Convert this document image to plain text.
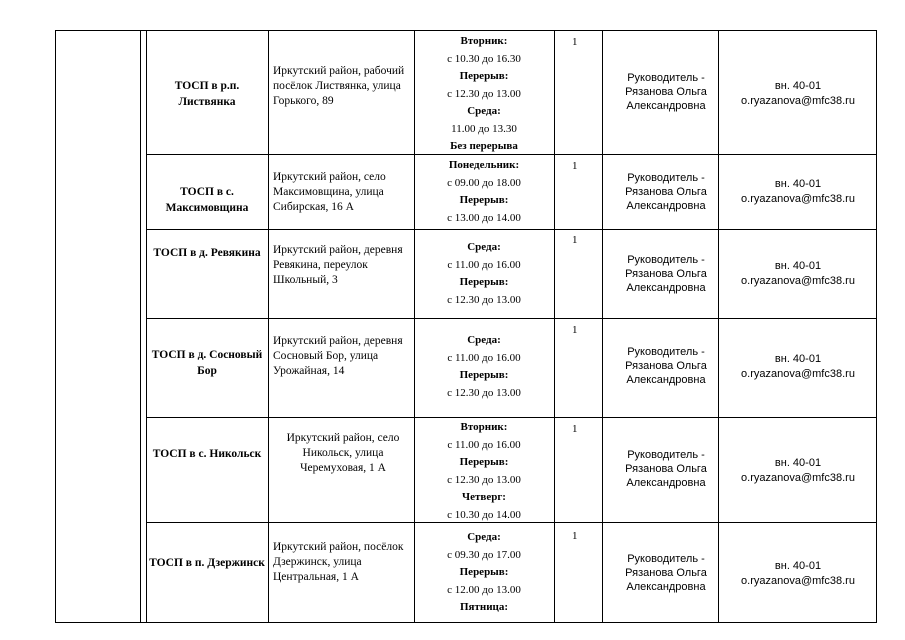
ТОСП в р.п. Листвянка
Иркутский район, рабочий посёлок Листвянка, улица Горького, 89
Вторник:
с 10.30 до 16.30
Перерыв:
с 12.30 до 13.00
Среда:
11.00 до 13.30
Без перерыва
1
Руководитель - Рязанова Ольга Александровна
вн. 40-01
o.ryazanova@mfc38.ru
ТОСП в с. Максимовщина
Иркутский район, село Максимовщина, улица Сибирская, 16 А
Понедельник:
с 09.00 до 18.00
Перерыв:
с 13.00 до 14.00
1
Руководитель - Рязанова Ольга Александровна
вн. 40-01
o.ryazanova@mfc38.ru
ТОСП в д. Ревякина	Иркутский район, деревня Ревякина, переулок Школьный, 3
Среда:
с 11.00 до 16.00
Перерыв:
с 12.30 до 13.00
1
Руководитель - Рязанова Ольга Александровна
вн. 40-01
o.ryazanova@mfc38.ru
ТОСП в д. Сосновый Бор
Иркутский район, деревня Сосновый Бор, улица Урожайная, 14
Среда:
с 11.00 до 16.00
Перерыв:
с 12.30 до 13.00
1
Руководитель - Рязанова Ольга Александровна
вн. 40-01
o.ryazanova@mfc38.ru
ТОСП в с. Никольск
Иркутский район, село Никольск, улица Черемуховая, 1 А
Вторник:
с 11.00 до 16.00
Перерыв:
с 12.30 до 13.00
Четверг:
с 10.30 до 14.00
1
Руководитель - Рязанова Ольга Александровна
вн. 40-01
o.ryazanova@mfc38.ru
ТОСП в п. Дзержинск
Иркутский район, посёлок Дзержинск, улица Центральная, 1 А
Среда:
с 09.30 до 17.00
Перерыв:
с 12.00 до 13.00
Пятница:
1
Руководитель - Рязанова Ольга Александровна
вн. 40-01
o.ryazanova@mfc38.ru
